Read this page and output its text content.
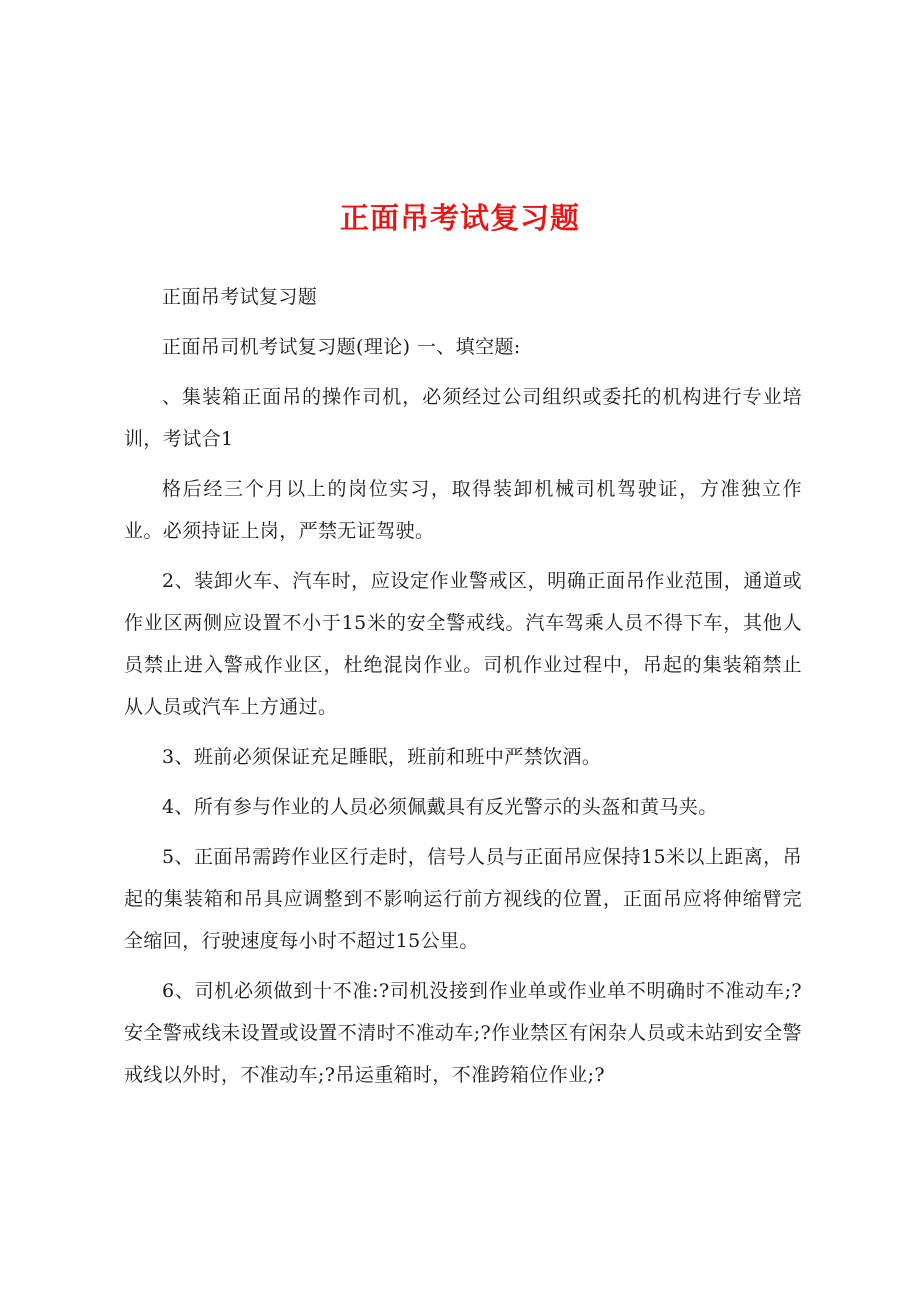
正面吊考试复习题

正面吊考试复习题

正面吊司机考试复习题(理论) 一、填空题:

、集装箱正面吊的操作司机，必须经过公司组织或委托的机构进行专业培训，考试合1

格后经三个月以上的岗位实习，取得装卸机械司机驾驶证，方准独立作业。必须持证上岗，严禁无证驾驶。

2、装卸火车、汽车时，应设定作业警戒区，明确正面吊作业范围，通道或作业区两侧应设置不小于15米的安全警戒线。汽车驾乘人员不得下车，其他人员禁止进入警戒作业区，杜绝混岗作业。司机作业过程中，吊起的集装箱禁止从人员或汽车上方通过。

3、班前必须保证充足睡眠，班前和班中严禁饮酒。

4、所有参与作业的人员必须佩戴具有反光警示的头盔和黄马夹。

5、正面吊需跨作业区行走时，信号人员与正面吊应保持15米以上距离，吊起的集装箱和吊具应调整到不影响运行前方视线的位置，正面吊应将伸缩臂完全缩回，行驶速度每小时不超过15公里。

6、司机必须做到十不准:?司机没接到作业单或作业单不明确时不准动车;?安全警戒线未设置或设置不清时不准动车;?作业禁区有闲杂人员或未站到安全警戒线以外时，不准动车;?吊运重箱时，不准跨箱位作业;?
